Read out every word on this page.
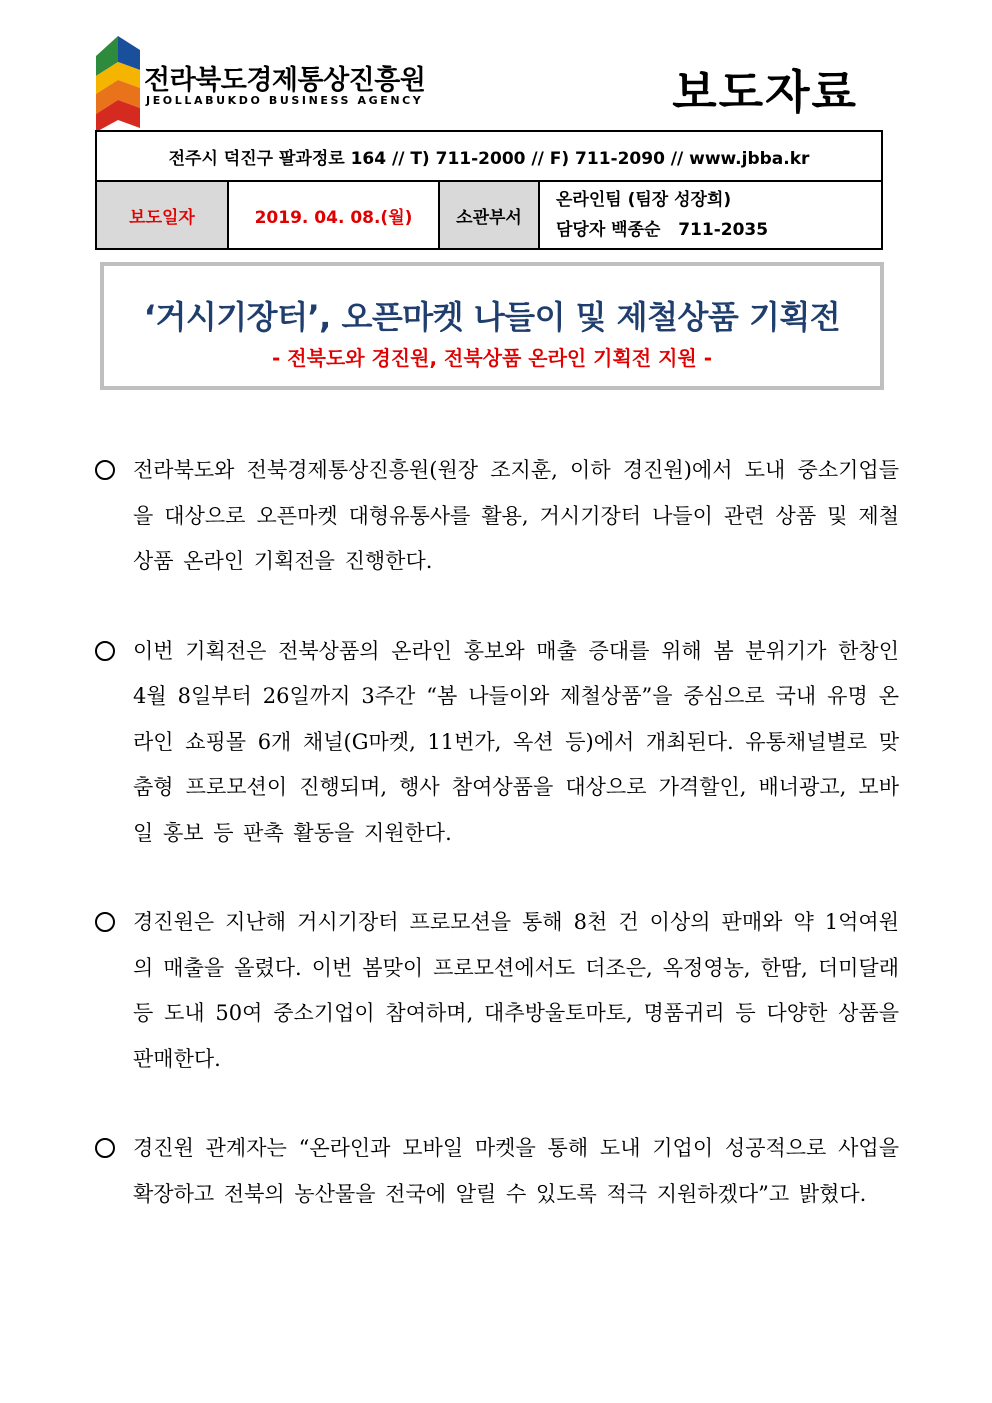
전라북도경제통상진흥원
JEOLLABUKDO BUSINESS AGENCY	보도자료
전주시 덕진구 팔과정로 164 // T) 711-2000 // F) 711-2090 // www.jbba.kr
보도일자	2019. 04. 08.(월)	소관부서	
온라인팀 (팀장 성장희)
담당자 백종순   711-2035
‘거시기장터’, 오픈마켓 나들이 및 제철상품 기획전
- 전북도와 경진원, 전북상품 온라인 기획전 지원 -

전라북도와 전북경제통상진흥원(원장 조지훈, 이하 경진원)에서 도내 중소기업들을 대상으로 오픈마켓 대형유통사를 활용, 거시기장터 나들이 관련 상품 및 제철상품 온라인 기획전을 진행한다.

이번 기획전은 전북상품의 온라인 홍보와 매출 증대를 위해 봄 분위기가 한창인 4월 8일부터 26일까지 3주간 “봄 나들이와 제철상품”을 중심으로 국내 유명 온라인 쇼핑몰 6개 채널(G마켓, 11번가, 옥션 등)에서 개최된다. 유통채널별로 맞춤형 프로모션이 진행되며, 행사 참여상품을 대상으로 가격할인, 배너광고, 모바일 홍보 등 판촉 활동을 지원한다.

경진원은 지난해 거시기장터 프로모션을 통해 8천 건 이상의 판매와 약 1억여원의 매출을 올렸다. 이번 봄맞이 프로모션에서도 더조은, 옥정영농, 한땀, 더미달래 등 도내 50여 중소기업이 참여하며, 대추방울토마토, 명품귀리 등 다양한 상품을 판매한다.

경진원 관계자는 “온라인과 모바일 마켓을 통해 도내 기업이 성공적으로 사업을 확장하고 전북의 농산물을 전국에 알릴 수 있도록 적극 지원하겠다”고 밝혔다.
